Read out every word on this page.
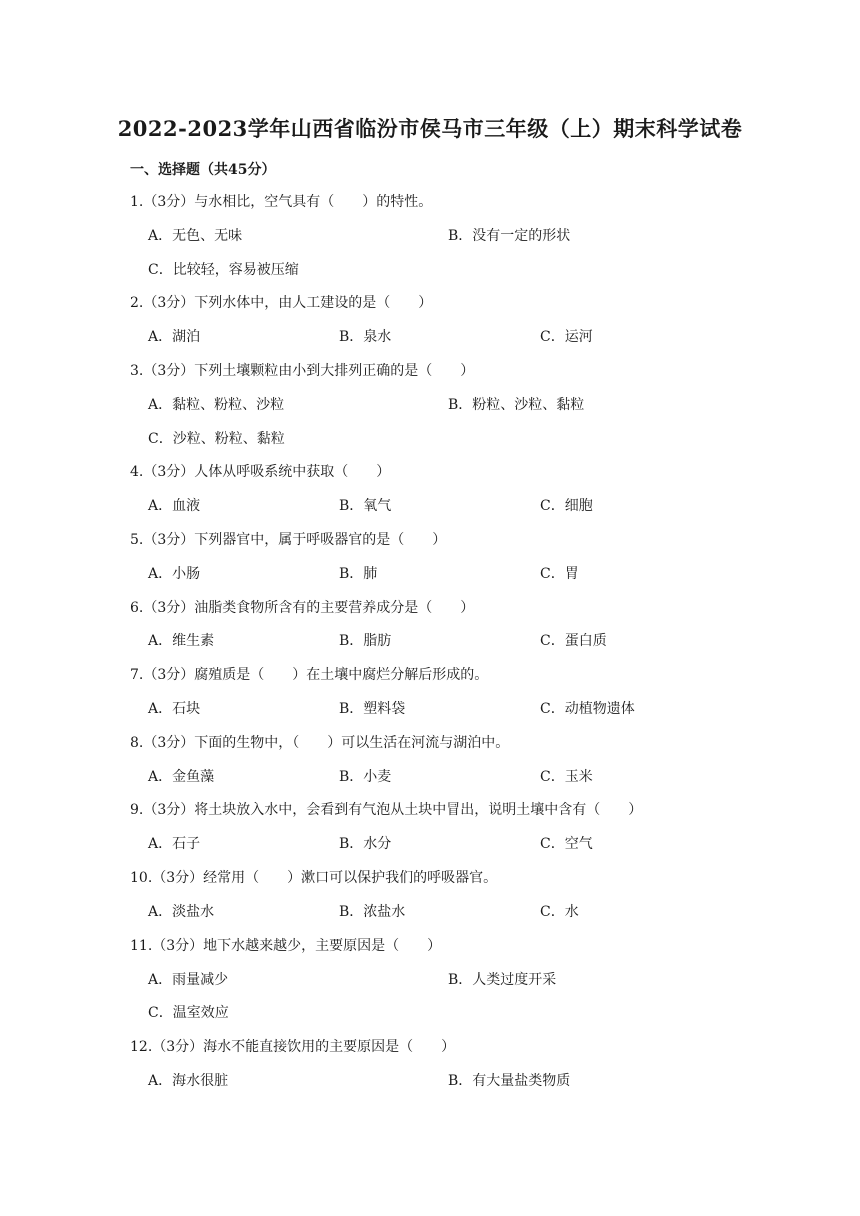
2022-2023学年山西省临汾市侯马市三年级（上）期末科学试卷
一、选择题（共45分）
1.（3分）与水相比，空气具有（　　）的特性。
A．无色、无味	B．没有一定的形状
C．比较轻，容易被压缩
2.（3分）下列水体中，由人工建设的是（　　）
A．湖泊	B．泉水	C．运河
3.（3分）下列土壤颗粒由小到大排列正确的是（　　）
A．黏粒、粉粒、沙粒	B．粉粒、沙粒、黏粒
C．沙粒、粉粒、黏粒
4.（3分）人体从呼吸系统中获取（　　）
A．血液	B．氧气	C．细胞
5.（3分）下列器官中，属于呼吸器官的是（　　）
A．小肠	B．肺	C．胃
6.（3分）油脂类食物所含有的主要营养成分是（　　）
A．维生素	B．脂肪	C．蛋白质
7.（3分）腐殖质是（　　）在土壤中腐烂分解后形成的。
A．石块	B．塑料袋	C．动植物遗体
8.（3分）下面的生物中，（　　）可以生活在河流与湖泊中。
A．金鱼藻	B．小麦	C．玉米
9.（3分）将土块放入水中，会看到有气泡从土块中冒出，说明土壤中含有（　　）
A．石子	B．水分	C．空气
10.（3分）经常用（　　）漱口可以保护我们的呼吸器官。
A．淡盐水	B．浓盐水	C．水
11.（3分）地下水越来越少，主要原因是（　　）
A．雨量减少	B．人类过度开采
C．温室效应
12.（3分）海水不能直接饮用的主要原因是（　　）
A．海水很脏	B．有大量盐类物质
